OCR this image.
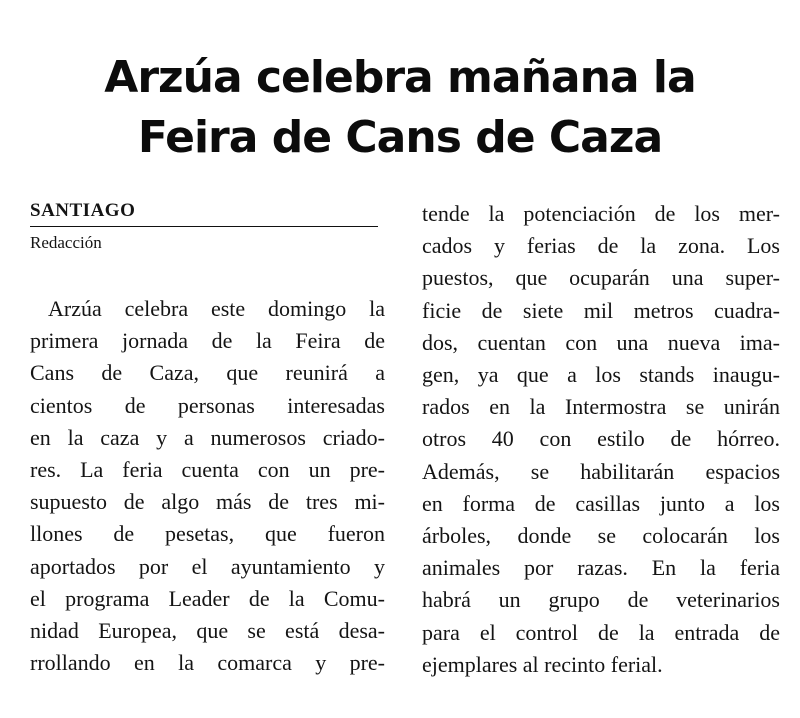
Arzúa celebra mañana la
Feira de Cans de Caza
SANTIAGO
Redacción
Arzúa celebra este domingo la
primera jornada de la Feira de
Cans de Caza, que reunirá a
cientos de personas interesadas
en la caza y a numerosos criado-
res. La feria cuenta con un pre-
supuesto de algo más de tres mi-
llones de pesetas, que fueron
aportados por el ayuntamiento y
el programa Leader de la Comu-
nidad Europea, que se está desa-
rrollando en la comarca y pre-
tende la potenciación de los mer-
cados y ferias de la zona. Los
puestos, que ocuparán una super-
ficie de siete mil metros cuadra-
dos, cuentan con una nueva ima-
gen, ya que a los stands inaugu-
rados en la Intermostra se unirán
otros 40 con estilo de hórreo.
Además, se habilitarán espacios
en forma de casillas junto a los
árboles, donde se colocarán los
animales por razas. En la feria
habrá un grupo de veterinarios
para el control de la entrada de
ejemplares al recinto ferial.
